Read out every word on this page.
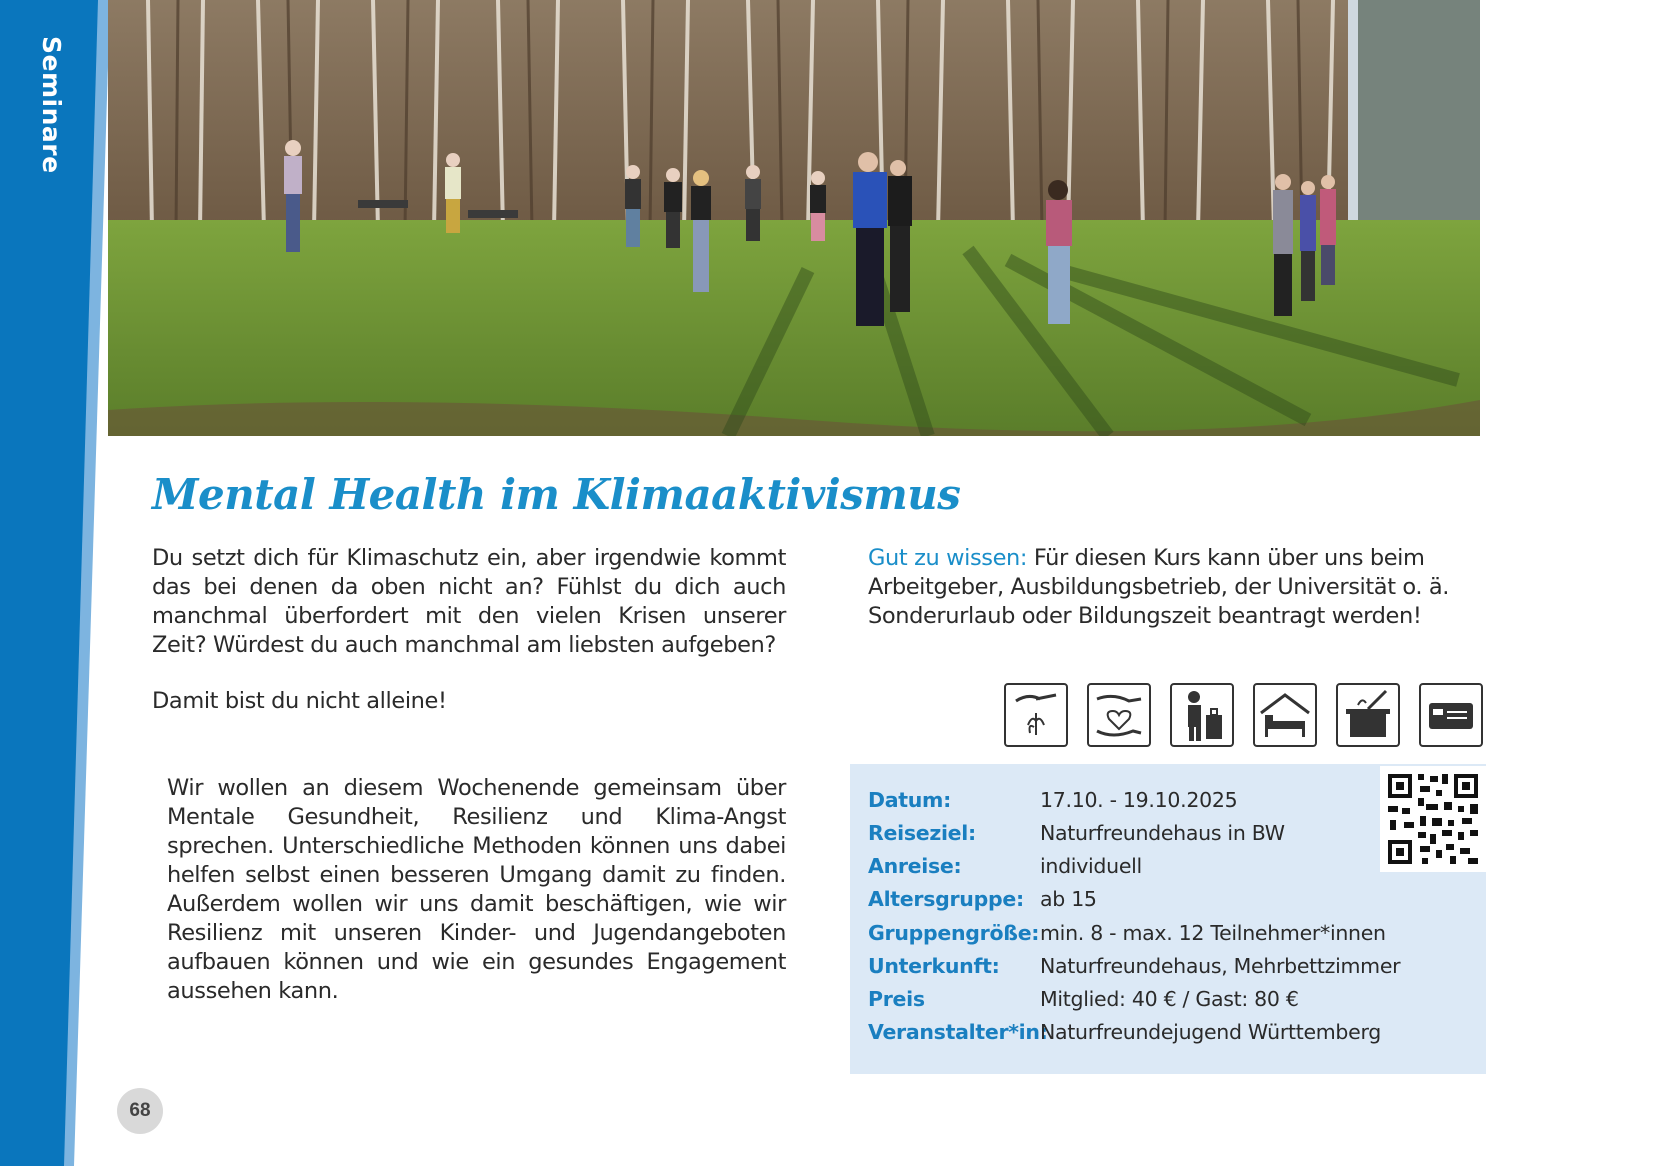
Seminare
Mental Health im Klimaaktivismus

Du setzt dich für Klimaschutz ein, aber irgendwie kommt das bei denen da oben nicht an? Fühlst du dich auch manchmal überfordert mit den vielen Krisen unserer Zeit? Würdest du auch manchmal am liebsten aufgeben?

Damit bist du nicht alleine!

Wir wollen an diesem Wochenende gemeinsam über Mentale Gesundheit, Resilienz und Klima-Angst sprechen. Unterschiedliche Methoden können uns dabei helfen selbst einen besseren Umgang damit zu finden. Außerdem wollen wir uns damit beschäftigen, wie wir Resilienz mit unseren Kinder- und Jugendangeboten aufbauen können und wie ein gesundes Engagement aussehen kann.

Gut zu wissen: Für diesen Kurs kann über uns beim Arbeitgeber, Ausbildungsbetrieb, der Universität o. ä. Sonderurlaub oder Bildungszeit beantragt werden!

Datum:	17.10. - 19.10.2025
Reiseziel:	Naturfreundehaus in BW
Anreise:	individuell
Altersgruppe: ab 15
Gruppengröße: min. 8 - max. 12 Teilnehmer*innen
Unterkunft: Naturfreundehaus, Mehrbettzimmer
Preis	Mitglied: 40 € / Gast: 80 €
Veranstalter*in:
Naturfreundejugend Württemberg
68
